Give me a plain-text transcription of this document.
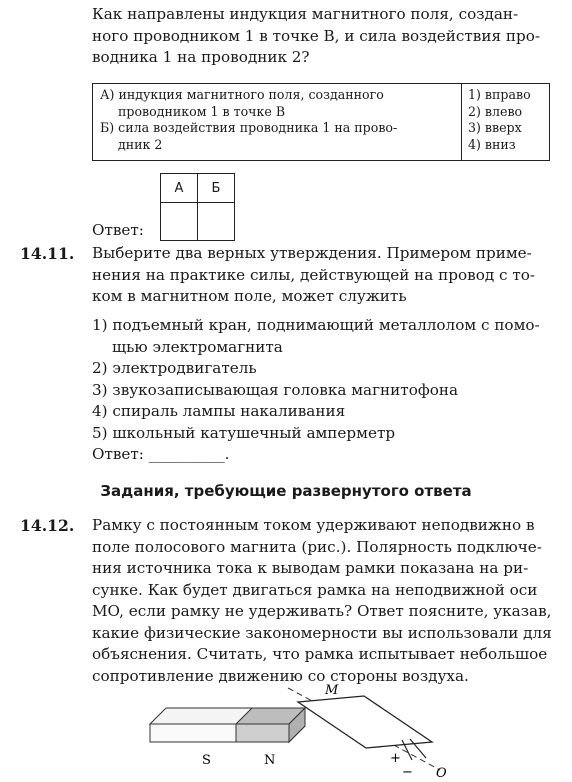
Как направлены индукция магнитного поля, создан-
ного проводником 1 в точке B, и сила воздействия про-
водника 1 на проводник 2?
А) индукция магнитного поля, созданного
проводником 1 в точке B
Б) сила воздействия проводника 1 на прово-
дник 2

1) вправо
2) влево
3) вверх
4) вниз
А	Б

Ответ:
14.11. Выберите два верных утверждения. Примером приме-
нения на практике силы, действующей на провод с то-
ком в магнитном поле, может служить
1) подъемный кран, поднимающий металлолом с помо-
щью электромагнита
2) электродвигатель
3) звукозаписывающая головка магнитофона
4) спираль лампы накаливания
5) школьный катушечный амперметр
Ответ: __________.
Задания, требующие развернутого ответа
14.12. Рамку с постоянным током удерживают неподвижно в
поле полосового магнита (рис.). Полярность подключе-
ния источника тока к выводам рамки показана на ри-
сунке. Как будет двигаться рамка на неподвижной оси
MO, если рамку не удерживать? Ответ поясните, указав,
какие физические закономерности вы использовали для
объяснения. Считать, что рамка испытывает небольшое
сопротивление движению со стороны воздуха.
S	N
M
O
+
−
